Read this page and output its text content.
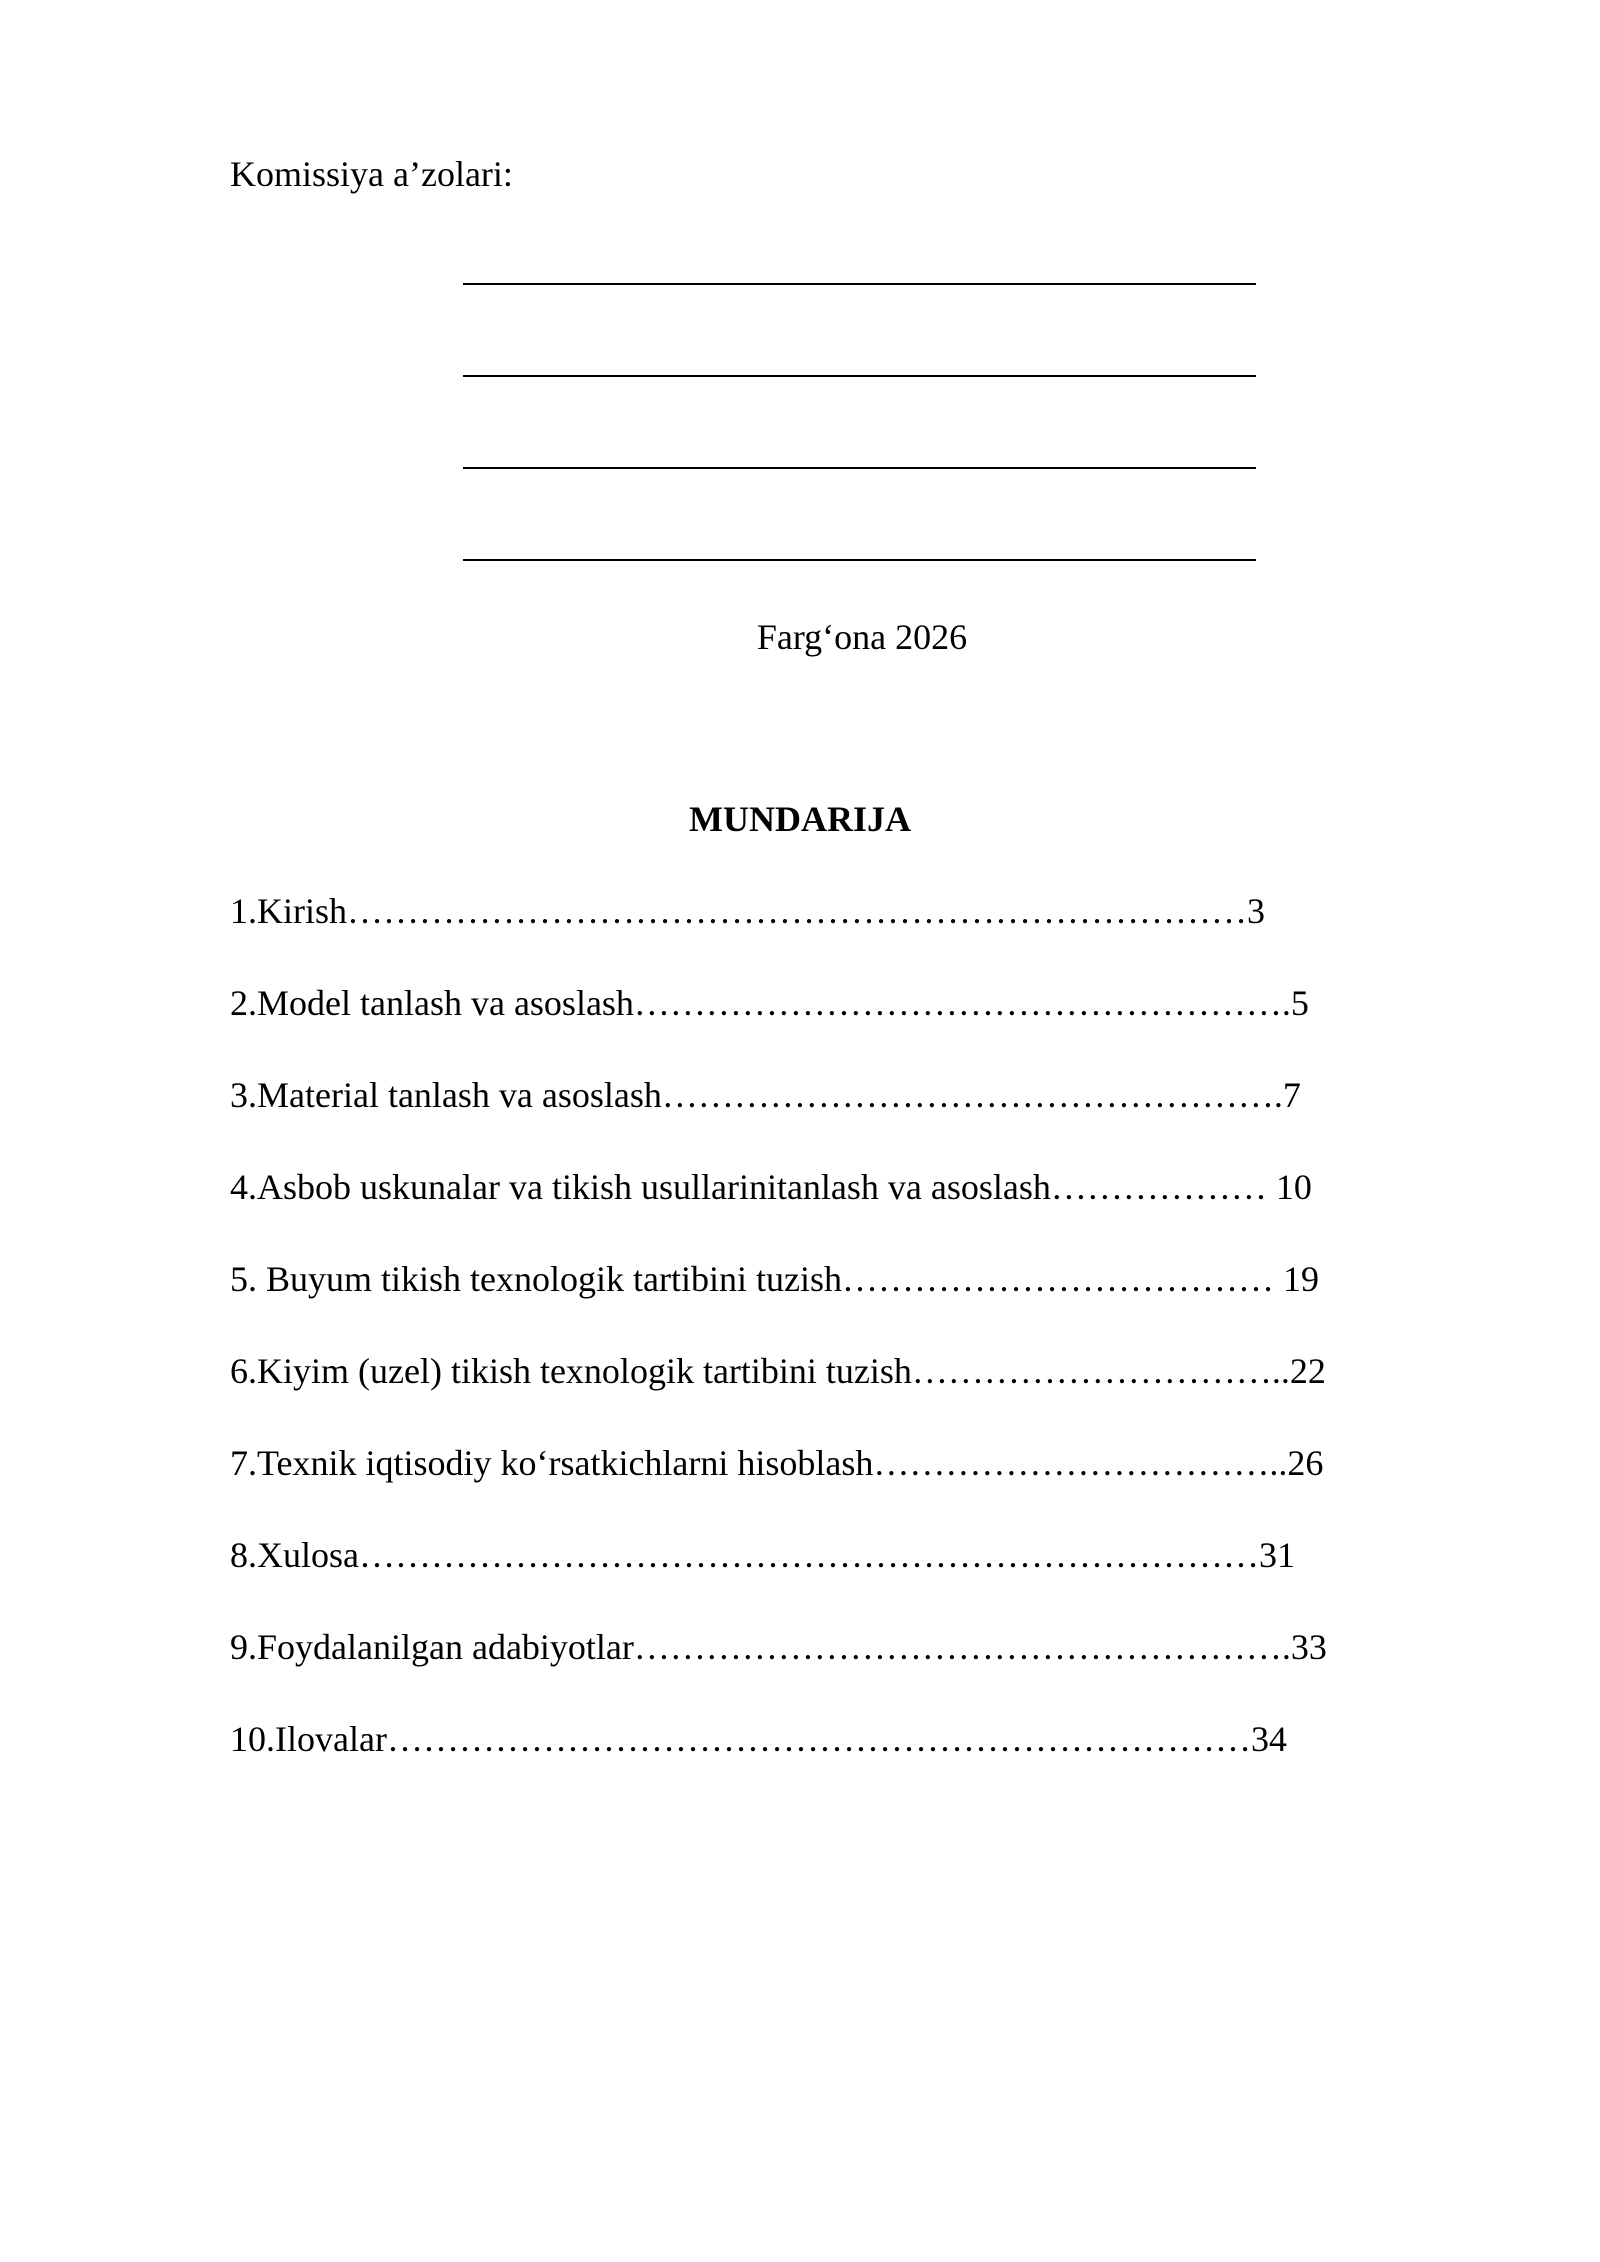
Komissiya a’zolari:
Farg‘ona 2026
MUNDARIJA
1.Kirish…………………………………………………………………3
2.Model tanlash va asoslash……………………………………………….5
3.Material tanlash va asoslash…………………………………………….7
4.Asbob uskunalar va tikish usullarinitanlash va asoslash……………… 10
5. Buyum tikish texnologik tartibini tuzish……………………………… 19
6.Kiyim (uzel) tikish texnologik tartibini tuzish…………………………..22
7.Texnik iqtisodiy ko‘rsatkichlarni hisoblash……………………………..26
8.Xulosa…………………………………………………………………31
9.Foydalanilgan adabiyotlar……………………………………………….33
10.Ilovalar………………………………………………………………34
